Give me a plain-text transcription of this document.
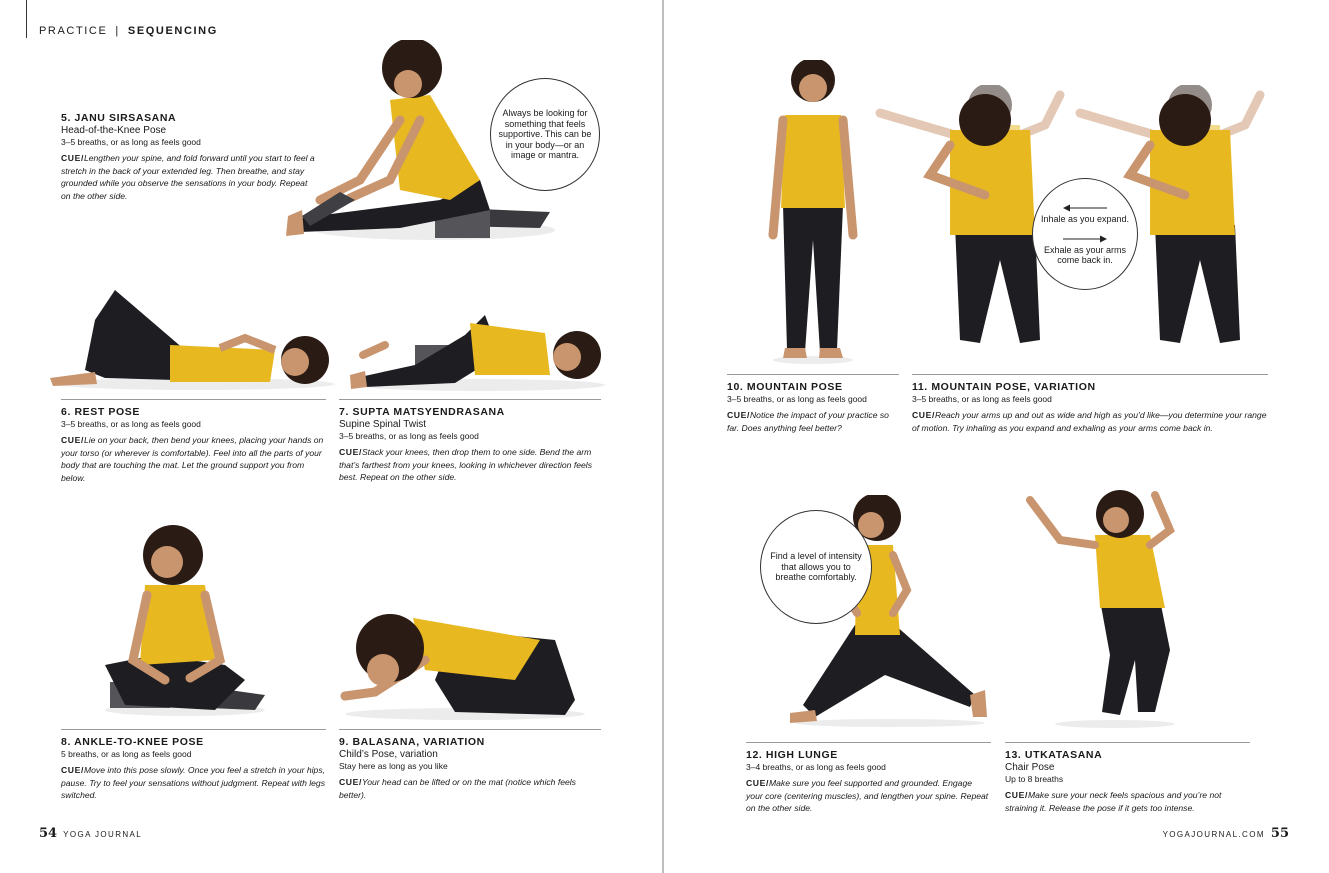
PRACTICE | SEQUENCING
Always be looking for something that feels supportive. This can be in your body—or an image or mantra.
Inhale as you expand.
Exhale as your arms come back in.
Find a level of intensity that allows you to breathe comfortably.
5. JANU SIRSASANA
Head-of-the-Knee Pose
3–5 breaths, or as long as feels good
CUE/Lengthen your spine, and fold forward until you start to feel a stretch in the back of your extended leg. Then breathe, and stay grounded while you observe the sensations in your body. Repeat on the other side.
6. REST POSE
3–5 breaths, or as long as feels good
CUE/Lie on your back, then bend your knees, placing your hands on your torso (or wherever is comfortable). Feel into all the parts of your body that are touching the mat. Let the ground support you from below.
7. SUPTA MATSYENDRASANA
Supine Spinal Twist
3–5 breaths, or as long as feels good
CUE/Stack your knees, then drop them to one side. Bend the arm that’s farthest from your knees, looking in whichever direction feels best. Repeat on the other side.
8. ANKLE-TO-KNEE POSE
5 breaths, or as long as feels good
CUE/Move into this pose slowly. Once you feel a stretch in your hips, pause. Try to feel your sensations without judgment. Repeat with legs switched.
9. BALASANA, VARIATION
Child’s Pose, variation
Stay here as long as you like
CUE/Your head can be lifted or on the mat (notice which feels better).
10. MOUNTAIN POSE
3–5 breaths, or as long as feels good
CUE/Notice the impact of your practice so far. Does anything feel better?
11. MOUNTAIN POSE, VARIATION
3–5 breaths, or as long as feels good
CUE/Reach your arms up and out as wide and high as you’d like—you determine your range of motion. Try inhaling as you expand and exhaling as your arms come back in.
12. HIGH LUNGE
3–4 breaths, or as long as feels good
CUE/Make sure you feel supported and grounded. Engage your core (centering muscles), and lengthen your spine. Repeat on the other side.
13. UTKATASANA
Chair Pose
Up to 8 breaths
CUE/Make sure your neck feels spacious and you’re not straining it. Release the pose if it gets too intense.
54 YOGA JOURNAL	YOGAJOURNAL.COM 55
